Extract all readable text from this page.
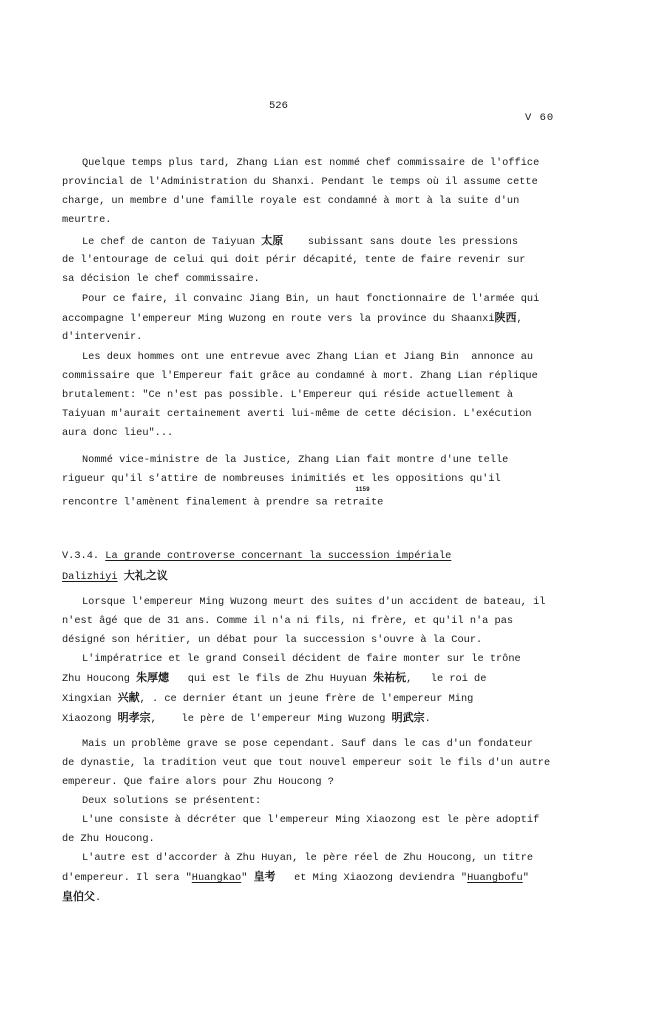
526
V 60
Quelque temps plus tard, Zhang Lian est nommé chef commissaire de l'office
provincial de l'Administration du Shanxi. Pendant le temps où il assume cette
charge, un membre d'une famille royale est condamné à mort à la suite d'un
meurtre.
Le chef de canton de Taiyuan 太原    subissant sans doute les pressions
de l'entourage de celui qui doit périr décapité, tente de faire revenir sur
sa décision le chef commissaire.
Pour ce faire, il convainc Jiang Bin, un haut fonctionnaire de l'armée qui
accompagne l'empereur Ming Wuzong en route vers la province du Shaanxi陕西,
d'intervenir.
Les deux hommes ont une entrevue avec Zhang Lian et Jiang Bin  annonce au
commissaire que l'Empereur fait grâce au condamné à mort. Zhang Lian réplique
brutalement: "Ce n'est pas possible. L'Empereur qui réside actuellement à
Taiyuan m'aurait certainement averti lui-même de cette décision. L'exécution
aura donc lieu"...
Nommé vice-ministre de la Justice, Zhang Lian fait montre d'une telle
rigueur qu'il s'attire de nombreuses inimitiés et les oppositions qu'il
rencontre l'amènent finalement à prendre sa retraite$^{1159}$
V.3.4. La grande controverse concernant la succession impériale
Dalizhiyi 大礼之议
Lorsque l'empereur Ming Wuzong meurt des suites d'un accident de bateau, il
n'est âgé que de 31 ans. Comme il n'a ni fils, ni frère, et qu'il n'a pas
désigné son héritier, un débat pour la succession s'ouvre à la Cour.
L'impératrice et le grand Conseil décident de faire monter sur le trône
Zhu Houcong 朱厚熜   qui est le fils de Zhu Huyuan 朱祐杬,   le roi de
Xingxian 兴献, . ce dernier étant un jeune frère de l'empereur Ming
Xiaozong 明孝宗,    le père de l'empereur Ming Wuzong 明武宗.
Mais un problème grave se pose cependant. Sauf dans le cas d'un fondateur
de dynastie, la tradition veut que tout nouvel empereur soit le fils d'un autre
empereur. Que faire alors pour Zhu Houcong ?
Deux solutions se présentent:
L'une consiste à décréter que l'empereur Ming Xiaozong est le père adoptif
de Zhu Houcong.
L'autre est d'accorder à Zhu Huyan, le père réel de Zhu Houcong, un titre
d'empereur. Il sera "Huangkao" 皇考   et Ming Xiaozong deviendra "Huangbofu"
皇伯父.
